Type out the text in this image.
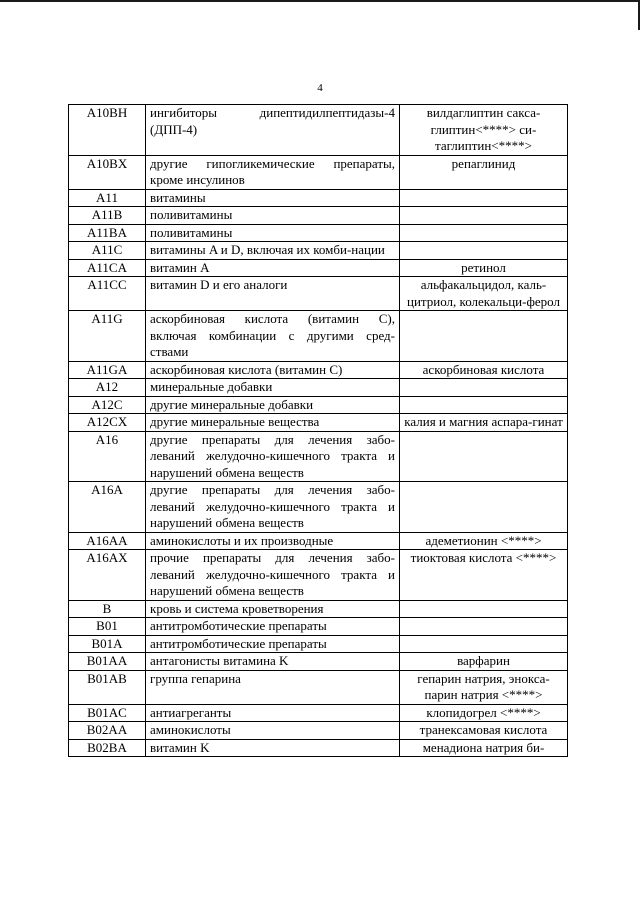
4
A10BH	ингибиторы дипептидилпептидазы-4 (ДПП-4)	вилдаглиптин сакса-глиптин<****> си-таглиптин<****>
A10BX	другие гипогликемические препараты, кроме инсулинов	репаглинид
A11	витамины	
A11B	поливитамины	
A11BA	поливитамины	
A11C	витамины A и D, включая их комби-нации	
A11CA	витамин A	ретинол
A11CC	витамин D и его аналоги	альфакальцидол, каль-цитриол, колекальци-ферол
A11G	аскорбиновая кислота (витамин C), включая комбинации с другими сред-ствами	
A11GA	аскорбиновая кислота (витамин C)	аскорбиновая кислота
A12	минеральные добавки	
A12C	другие минеральные добавки	
A12CX	другие минеральные вещества	калия и магния аспара-гинат
A16	другие препараты для лечения забо-леваний желудочно-кишечного тракта и нарушений обмена веществ	
A16A	другие препараты для лечения забо-леваний желудочно-кишечного тракта и нарушений обмена веществ	
A16AA	аминокислоты и их производные	адеметионин <****>
A16AX	прочие препараты для лечения забо-леваний желудочно-кишечного тракта и нарушений обмена веществ	тиоктовая кислота <****>
B	кровь и система кроветворения	
B01	антитромботические препараты	
B01A	антитромботические препараты	
B01AA	антагонисты витамина K	варфарин
B01AB	группа гепарина	гепарин натрия, эноксa-парин натрия <****>
B01AC	антиагреганты	клопидогрел <****>
B02AA	аминокислоты	транексамовая кислота
B02BA	витамин K	менадиона натрия би-
